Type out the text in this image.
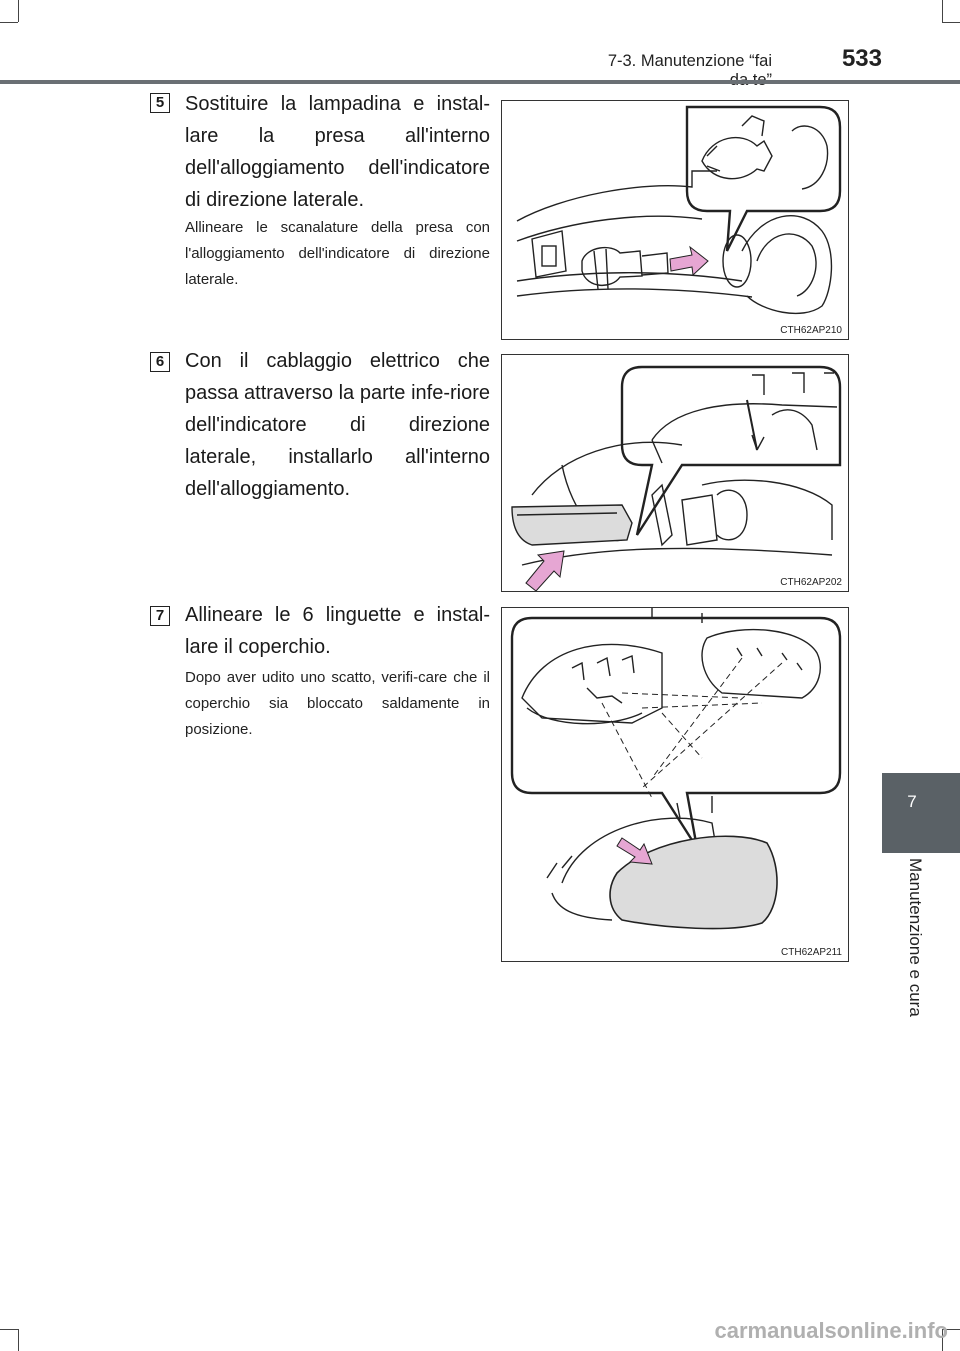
7-3. Manutenzione “fai	533
7
Manutenzione e cura
5 Sostituire la lampadina e instal-lare la presa all'interno dell'alloggiamento dell'indicatore di direzione laterale.
Allineare le scanalature della presa con l'alloggiamento dell'indicatore di direzione laterale.
CTH62AP210
6 Con il cablaggio elettrico che passa attraverso la parte infe-riore dell'indicatore di direzione laterale, installarlo all'interno dell'alloggiamento.
CTH62AP202
7 Allineare le 6 linguette e instal-lare il coperchio.
Dopo aver udito uno scatto, verifi-care che il coperchio sia bloccato saldamente in posizione.
CTH62AP211
carmanualsonline.info
